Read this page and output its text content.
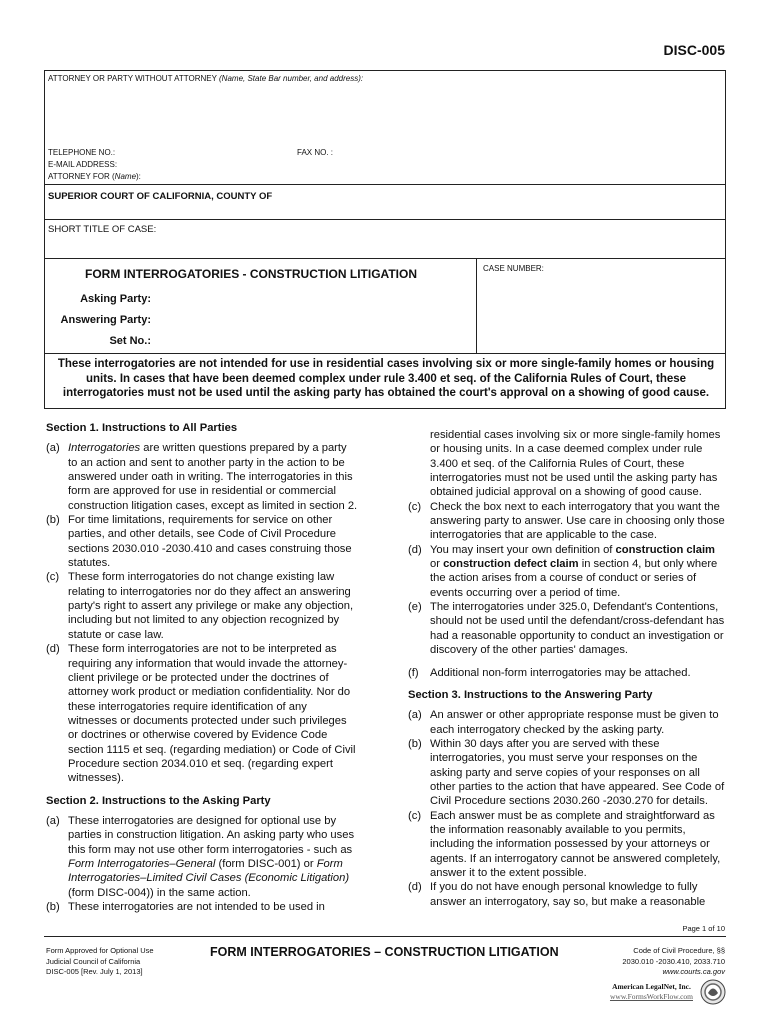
DISC-005
ATTORNEY OR PARTY WITHOUT ATTORNEY (Name, State Bar number, and address):
TELEPHONE NO.:	FAX NO. :
E-MAIL ADDRESS:
ATTORNEY FOR (Name):
SUPERIOR COURT OF CALIFORNIA, COUNTY OF
SHORT TITLE OF CASE:
FORM INTERROGATORIES - CONSTRUCTION LITIGATION
Asking Party:
Answering Party:
Set No.:
CASE NUMBER:
These interrogatories are not intended for use in residential cases involving six or more single-family homes or housing units. In cases that have been deemed complex under rule 3.400 et seq. of the California Rules of Court, these interrogatories must not be used until the asking party has obtained the court's approval on a showing of good cause.
Section 1. Instructions to All Parties
(a) Interrogatories are written questions prepared by a party to an action and sent to another party in the action to be answered under oath in writing. The interrogatories in this form are approved for use in residential or commercial construction litigation cases, except as limited in section 2.
(b) For time limitations, requirements for service on other parties, and other details, see Code of Civil Procedure sections 2030.010 -2030.410 and cases construing those statutes.
(c) These form interrogatories do not change existing law relating to interrogatories nor do they affect an answering party's right to assert any privilege or make any objection, including but not limited to any objection recognized by statute or case law.
(d) These form interrogatories are not to be interpreted as requiring any information that would invade the attorney-client privilege or be protected under the doctrines of attorney work product or mediation confidentiality. Nor do these interrogatories require identification of any witnesses or documents protected under such privileges or doctrines or otherwise covered by Evidence Code section 1115 et seq. (regarding mediation) or Code of Civil Procedure section 2034.010 et seq. (regarding expert witnesses).
Section 2. Instructions to the Asking Party
(a) These interrogatories are designed for optional use by parties in construction litigation. An asking party who uses this form may not use other form interrogatories - such as Form Interrogatories–General (form DISC-001) or Form Interrogatories–Limited Civil Cases (Economic Litigation) (form DISC-004)) in the same action.
(b) These interrogatories are not intended to be used in
residential cases involving six or more single-family homes or housing units. In a case deemed complex under rule 3.400 et seq. of the California Rules of Court, these interrogatories must not be used until the asking party has obtained judicial approval on a showing of good cause.
(c) Check the box next to each interrogatory that you want the answering party to answer. Use care in choosing only those interrogatories that are applicable to the case.
(d) You may insert your own definition of construction claim or construction defect claim in section 4, but only where the action arises from a course of conduct or series of events occurring over a period of time.
(e) The interrogatories under 325.0, Defendant's Contentions, should not be used until the defendant/cross-defendant has had a reasonable opportunity to conduct an investigation or discovery of the other parties' damages.
(f)	Additional non-form interrogatories may be attached.
Section 3. Instructions to the Answering Party
(a) An answer or other appropriate response must be given to each interrogatory checked by the asking party.
(b) Within 30 days after you are served with these interrogatories, you must serve your responses on the asking party and serve copies of your responses on all other parties to the action that have appeared. See Code of Civil Procedure sections 2030.260 -2030.270 for details.
(c) Each answer must be as complete and straightforward as the information reasonably available to you permits, including the information possessed by your attorneys or agents. If an interrogatory cannot be answered completely, answer it to the extent possible.
(d) If you do not have enough personal knowledge to fully answer an interrogatory, say so, but make a reasonable
Page 1 of 10
Form Approved for Optional Use
Judicial Council of California
DISC-005 [Rev. July 1, 2013]
FORM INTERROGATORIES – CONSTRUCTION LITIGATION	Code of Civil Procedure, §§
2030.010 -2030.410, 2033.710
www.courts.ca.gov
American LegalNet, Inc.
www.FormsWorkFlow.com
